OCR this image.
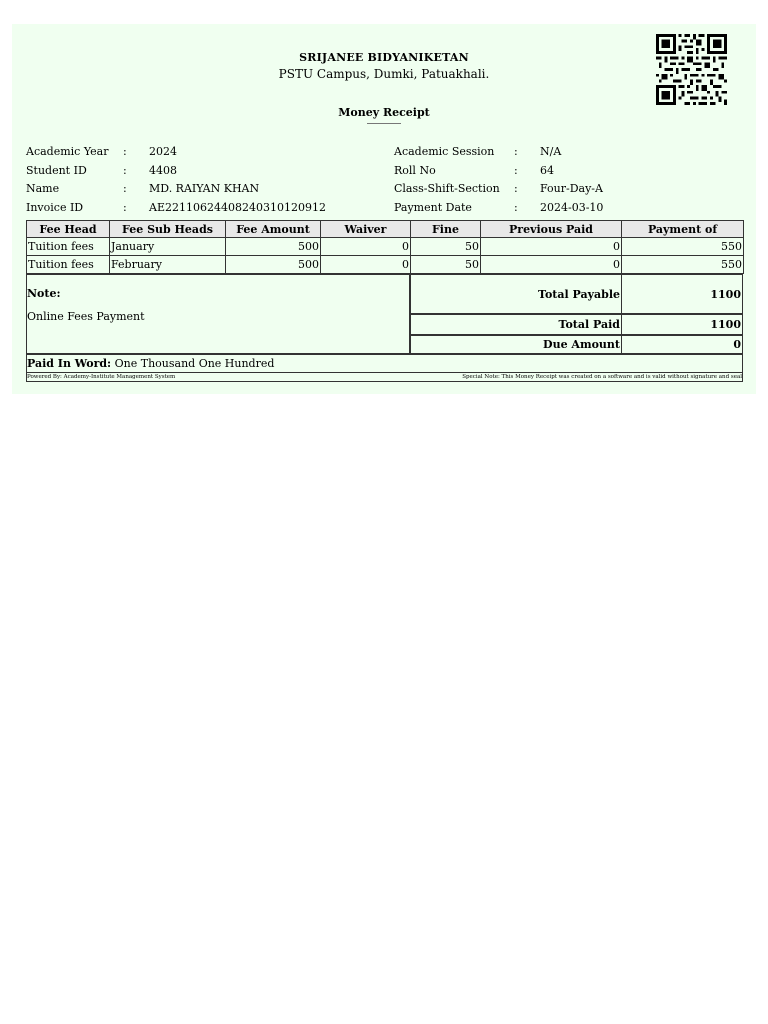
SRIJANEE BIDYANIKETAN
PSTU Campus, Dumki, Patuakhali.
Money Receipt
Academic Year : 2024
Student ID	: 4408
Name	: MD. RAIYAN KHAN
Invoice ID	: AE22110624408240310120912
Academic Session : N/A
Roll No	: 64
Class-Shift-Section : Four-Day-A
Payment Date	: 2024-03-10
Fee Head	Fee Sub Heads	Fee Amount	Waiver	Fine	Previous Paid	Payment of
Tuition fees	January	500	0	50	0	550
Tuition fees	February	500	0	50	0	550
Note:
Online Fees Payment
Total Payable	1100
Total Paid	1100
Due Amount	0
Paid In Word: One Thousand One Hundred
Powered By: Academy-Institute Management System	Special Note: This Money Receipt was created on a software and is valid without signature and seal
